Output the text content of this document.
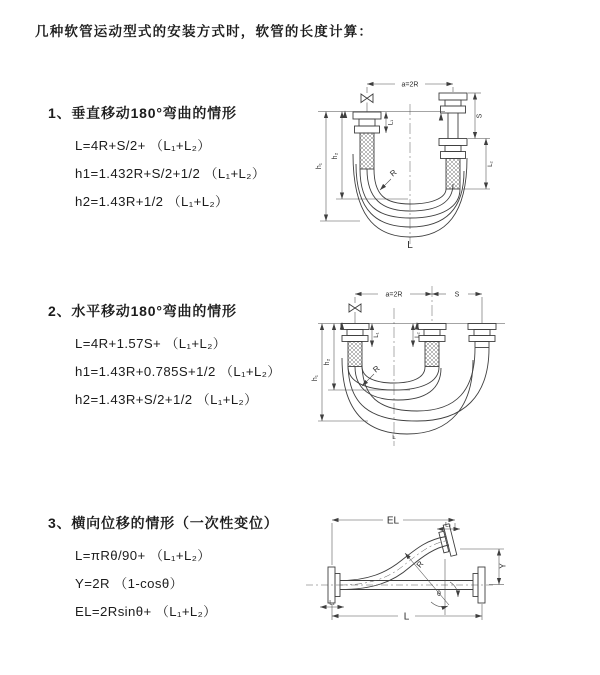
几种软管运动型式的安装方式时，软管的长度计算：

1、垂直移动180°弯曲的情形

L=4R+S/2+ （L₁+L₂）

h1=1.432R+S/2+1/2 （L₁+L₂）

h2=1.43R+1/2 （L₁+L₂）

2、水平移动180°弯曲的情形

L=4R+1.57S+ （L₁+L₂）

h1=1.43R+0.785S+1/2 （L₁+L₂）

h2=1.43R+S/2+1/2 （L₁+L₂）

3、横向位移的情形（一次性变位）

L=πRθ/90+ （L₁+L₂）

Y=2R （1-cosθ）

EL=2Rsinθ+ （L₁+L₂）

a=2R
L₁
S
L₂
h₂
h₁
R
L
a=2R	S
L₁	L₂
h₂
h₁
R
L
EL	L₂
Y
θ
R
L₁
L
